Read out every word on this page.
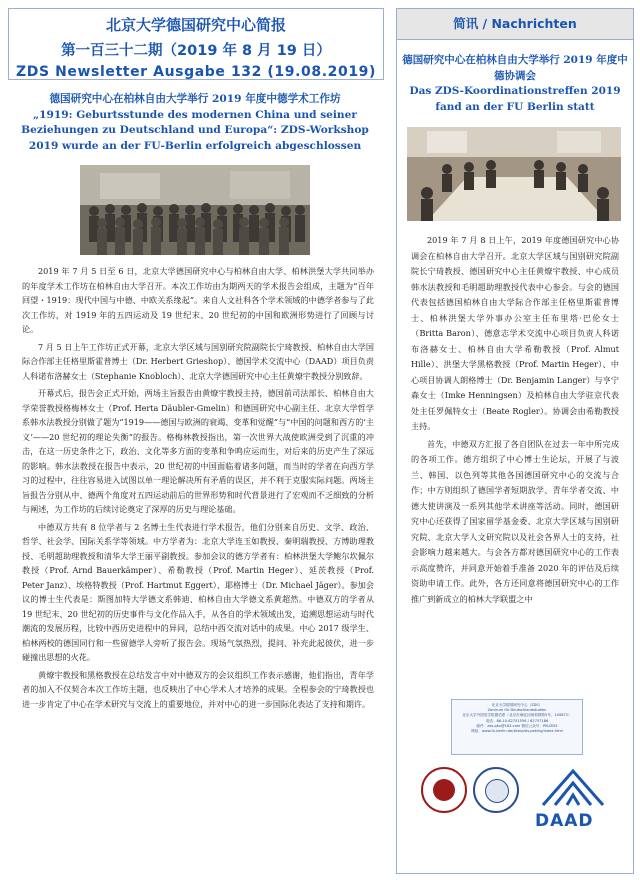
北京大学德国研究中心简报
第一百三十二期（2019 年 8 月 19 日）
ZDS Newsletter Ausgabe 132 (19.08.2019)
德国研究中心在柏林自由大学举行 2019 年度中德学术工作坊
„1919: Geburtsstunde des modernen China und seiner Beziehungen zu Deutschland und Europa“: ZDS-Workshop 2019 wurde an der FU-Berlin erfolgreich abgeschlossen

2019 年 7 月 5 日至 6 日，北京大学德国研究中心与柏林自由大学、柏林洪堡大学共同举办的年度学术工作坊在柏林自由大学召开。本次工作坊由为期两天的学术报告会组成，主题为“百年回望・1919：现代中国与中德、中欧关系缘起”。来自人文社科各个学术领域的中德学者参与了此次工作坊，对 1919 年的五四运动及 19 世纪末、20 世纪初的中国和欧洲形势进行了回顾与讨论。

7 月 5 日上午工作坊正式开幕，北京大学区域与国别研究院副院长宁琦教授、柏林自由大学国际合作部主任格里斯霍普博士（Dr. Herbert Grieshop）、德国学术交流中心（DAAD）项目负责人科诺布洛赫女士（Stephanie Knobloch）、北京大学德国研究中心主任黄燎宇教授分别致辞。

开幕式后，报告会正式开始，两场主旨报告由黄燎宇教授主持，德国前司法部长、柏林自由大学荣誉教授格梅林女士（Prof. Herta Däubler-Gmelin）和德国研究中心副主任、北京大学哲学系韩水法教授分别做了题为“1919——德国与欧洲的衰竭、变革和觉醒”与“中国的问题和西方的‘主义’——20 世纪初的理论失衡”的报告。格梅林教授指出，第一次世界大战使欧洲受到了沉重的冲击，在这一历史条件之下，政治、文化等多方面的变革和争鸣应运而生，对后来的历史产生了深远的影响。韩水法教授在报告中表示，20 世纪初的中国面临着诸多问题，而当时的学者在向西方学习的过程中，往往容易进入试图以单一理论解决所有矛盾的误区，并不利于克服实际问题。两场主旨报告分别从中、德两个角度对五四运动前后的世界形势和时代背景进行了宏观而不乏细致的分析与阐述，为工作坊的后续讨论奠定了深厚的历史与理论基础。

中德双方共有 8 位学者与 2 名博士生代表进行学术报告，他们分别来自历史、文学、政治、哲学、社会学、国际关系学等领域。中方学者为：北京大学连玉如教授、秦明瑞教授、方博助理教授、毛明超助理教授和清华大学王丽平副教授。参加会议的德方学者有：柏林洪堡大学鲍尔坎佩尔教授（Prof. Arnd Bauerkämper）、希勒教授（Prof. Martin Heger）、延茨教授（Prof. Peter Janz）、埃格特教授（Prof. Hartmut Eggert）、耶格博士（Dr. Michael Jäger）。参加会议的博士生代表是：斯图加特大学德文系韩迪、柏林自由大学德文系黄超然。中德双方的学者从 19 世纪末、20 世纪初的历史事件与文化作品入手，从各自的学术领域出发，追溯思想运动与时代潮流的发展历程，比较中西历史进程中的异同，总结中西交流对话中的成果。中心 2017 级学生、柏林两校的德国同行和一些留德学人旁听了报告会。现场气氛热烈，提问、补充此起彼伏，进一步碰撞出思想的火花。

黄燎宇教授和黑格教授在总结发言中对中德双方的会议组织工作表示感谢，他们指出，青年学者的加入不仅契合本次工作坊主题，也反映出了中心学术人才培养的成果。全程参会的宁琦教授也进一步肯定了中心在学术研究与交流上的重要地位，并对中心的进一步国际化表达了支持和期许。

简讯 / Nachrichten
德国研究中心在柏林自由大学举行 2019 年度中德协调会
Das ZDS-Koordinationstreffen 2019 fand an der FU Berlin statt

2019 年 7 月 8 日上午，2019 年度德国研究中心协调会在柏林自由大学召开。北京大学区域与国别研究院副院长宁琦教授、德国研究中心主任黄燎宇教授、中心成员韩水法教授和毛明超助理教授代表中心参会。与会的德国代表包括德国柏林自由大学际合作部主任格里斯霍普博士、柏林洪堡大学外事办公室主任布里塔·巴伦女士（Britta Baron）、德意志学术交流中心项目负责人科诺布洛赫女士、柏林自由大学希勒教授（Prof. Almut Hille）、洪堡大学黑格教授（Prof. Martin Heger）、中心项目协调人朗格博士（Dr. Benjamin Langer）与亨宁森女士（Imke Henningsen）及柏林自由大学驻京代表处主任罗佩特女士（Beate Rogler）。协调会由希勒教授主持。

首先，中德双方汇报了各自团队在过去一年中所完成的各项工作。德方组织了中心博士生论坛，开展了与波兰、韩国、以色列等其他各国德国研究中心的交流与合作；中方则组织了德国学者短期放学、青年学者交流、中德大使讲演及一系列其他学术讲座等活动。同时，德国研究中心还获得了国家留学基金委、北京大学区域与国别研究院、北京大学人文研究院以及社会各界人士的支持，社会影响力越来越大。与会各方都对德国研究中心的工作表示高度赞许，并同意开始着手准备 2020 年的评估及后续资助申请工作。此外，各方还同意将德国研究中心的工作推广到新成立的柏林大学联盟之中

北京大学德国研究中心（ZDS）
Zentrum für Deutschlandstudien
北京大学外国语学院德语系（北京市海淀区颐和园路5号，100871）
电话：86-10-62751556 / 62757186
邮件：zds.pku@163.com 微信公众号：PKUZDS
网址：www.fu-berlin.de/sites/zds-peking/index.html
DAAD
